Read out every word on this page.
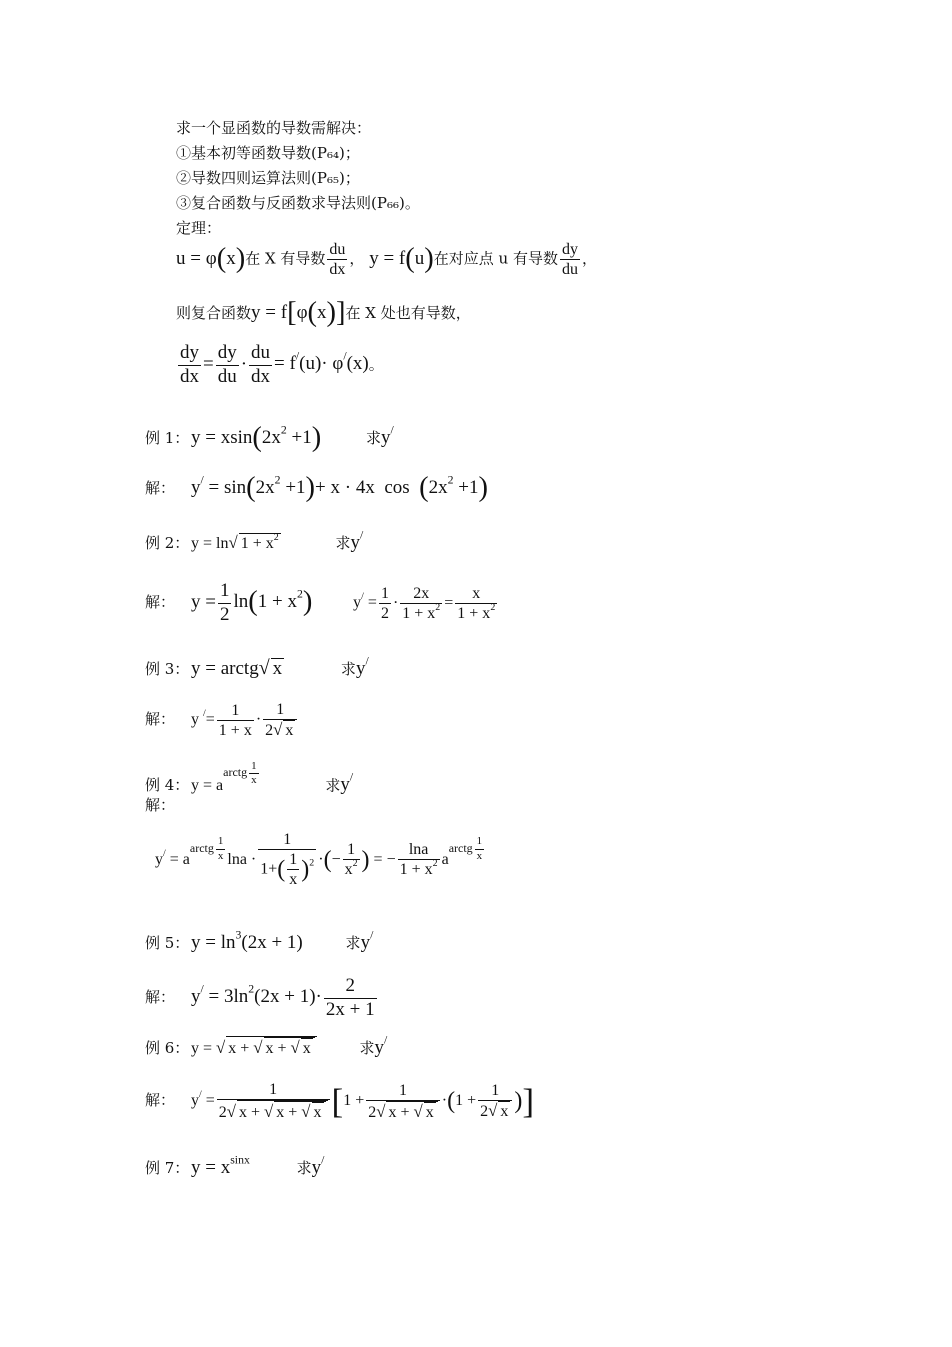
求一个显函数的导数需解决：
①基本初等函数导数(P₆₄)；
②导数四则运算法则(P₆₅)；
③复合函数与反函数求导法则(P₆₆)。
定理：
u = φ(x)在 X 有导数 $\frac{du}{dx}$ ， y = f(u)在对应点 u 有导数 $\frac{dy}{du}$ ，
则复合函数y = f[φ(x)]在 X 处也有导数，
$\frac{dy}{dx} = \frac{dy}{du} \cdot \frac{du}{dx} = f^/(u)\cdot \varphi^/(x)$。
例 1：$y = xsin(2x^2 +1)$	求y/
解： $y^/ = \sin(2x^2 +1)+ x \cdot 4x$  $\cos (2x^2 +1)$
例 2： y = ln√ $1 + x^2$	求y/
解： $y = \frac{1}{2} \ln(1 + x^2)$	$y^/ = \frac{1}{2} \cdot \frac{2x}{1 + x^2} = \frac{x}{1 + x^2}$
例 3：y = arctg√ x	求y/
解： y $^/= \frac{1}{1 + x} \cdot \frac{1}{2√ x}$
例 4： $y = a^{arctg \frac{1}{x}}$	求y/
解：
$y^/ = a^{arctg \frac{1}{x}}$ $\ln a \cdot \frac{1}{1+( \frac{1}{x} )^2}$ ·(− $\frac{1}{x^2}$ ) = − $\frac{\ln a}{1 + x^2} a^{arctg \frac{1}{x}}$
例 5：$y = \ln^3(2x + 1)$	求y/
解： $y^/ = 3\ln^2(2x + 1)\cdot \frac{2}{2x + 1}$
例 6： y = √ x + √ x + √ x	求y/
解： $y^/ = \frac{1}{2√ x + √ x + √ x} [1 + \frac{1}{2√ x + √ x} \cdot(1 + \frac{1}{2√ x}$ )]
例 7：$y = x^{sinx}$	求y/
